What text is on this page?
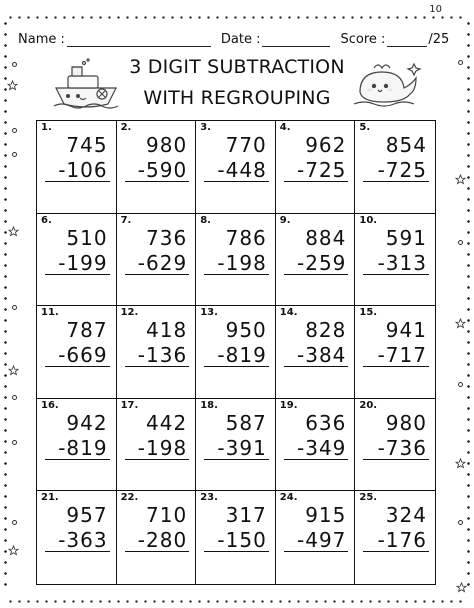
10
Name :	Date :	Score :	/25
3 DIGIT SUBTRACTION
WITH REGROUPING
1.
745
-106
2.
980
-590
3.
770
-448
4.
962
-725
5.
854
-725
6.
510
-199
7.
736
-629
8.
786
-198
9.
884
-259
10.
591
-313
11.
787
-669
12.
418
-136
13.
950
-819
14.
828
-384
15.
941
-717
16.
942
-819
17.
442
-198
18.
587
-391
19.
636
-349
20.
980
-736
21.
957
-363
22.
710
-280
23.
317
-150
24.
915
-497
25.
324
-176
